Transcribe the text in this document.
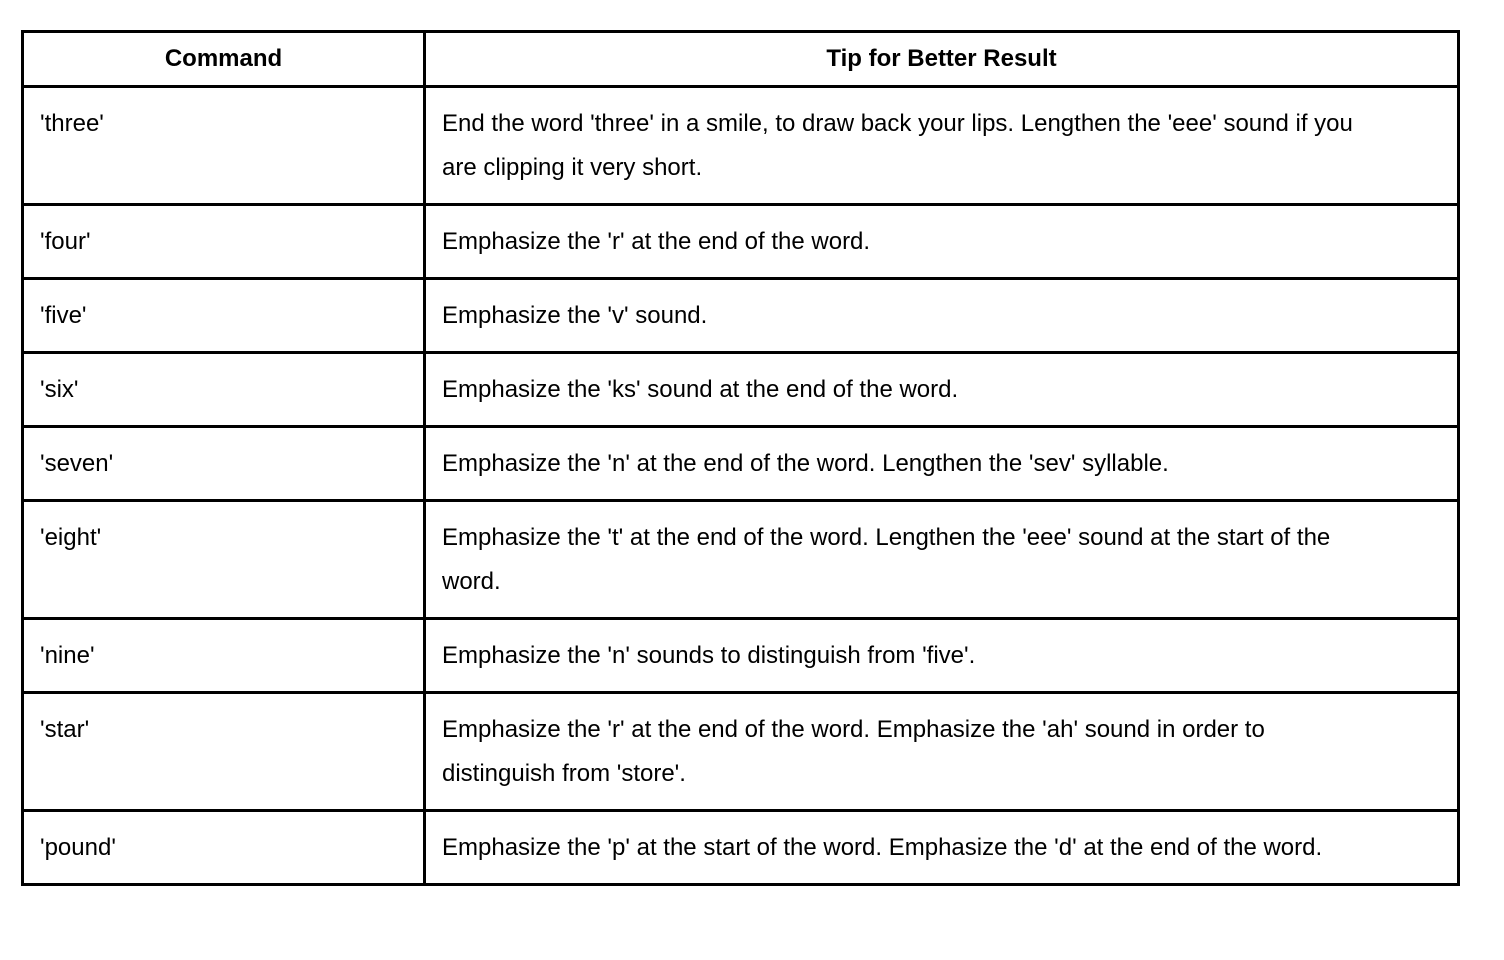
Command	Tip for Better Result
'three'	End the word 'three' in a smile, to draw back your lips. Lengthen the 'eee' sound if you are clipping it very short.
'four'	Emphasize the 'r' at the end of the word.
'five'	Emphasize the 'v' sound.
'six'	Emphasize the 'ks' sound at the end of the word.
'seven'	Emphasize the 'n' at the end of the word. Lengthen the 'sev' syllable.
'eight'	Emphasize the 't' at the end of the word. Lengthen the 'eee' sound at the start of the word.
'nine'	Emphasize the 'n' sounds to distinguish from 'five'.
'star'	Emphasize the 'r' at the end of the word. Emphasize the 'ah' sound in order to distinguish from 'store'.
'pound'	Emphasize the 'p' at the start of the word. Emphasize the 'd' at the end of the word.
